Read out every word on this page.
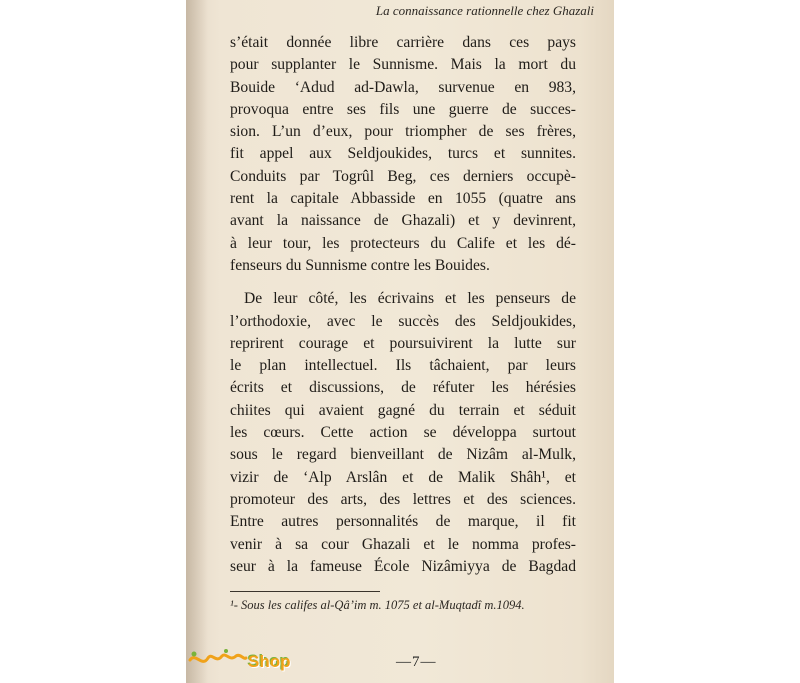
La connaissance rationnelle chez Ghazali

s’était donnée libre carrière dans ces pays
pour supplanter le Sunnisme. Mais la mort du
Bouide ‘Adud ad-Dawla, survenue en 983,
provoqua entre ses fils une guerre de succes-
sion. L’un d’eux, pour triompher de ses frères,
fit appel aux Seldjoukides, turcs et sunnites.
Conduits par Togrûl Beg, ces derniers occupè-
rent la capitale Abbasside en 1055 (quatre ans
avant la naissance de Ghazali) et y devinrent,
à leur tour, les protecteurs du Calife et les dé-
fenseurs du Sunnisme contre les Bouides.

De leur côté, les écrivains et les penseurs de
l’orthodoxie, avec le succès des Seldjoukides,
reprirent courage et poursuivirent la lutte sur
le plan intellectuel. Ils tâchaient, par leurs
écrits et discussions, de réfuter les hérésies
chiites qui avaient gagné du terrain et séduit
les cœurs. Cette action se développa surtout
sous le regard bienveillant de Nizâm al-Mulk,
vizir de ‘Alp Arslân et de Malik Shâh¹, et
promoteur des arts, des lettres et des sciences.
Entre autres personnalités de marque, il fit
venir à sa cour Ghazali et le nomma profes-
seur à la fameuse École Nizâmiyya de Bagdad

¹- Sous les califes al-Qâ’im m. 1075 et al-Muqtadî m.1094.
—7—
Shop
